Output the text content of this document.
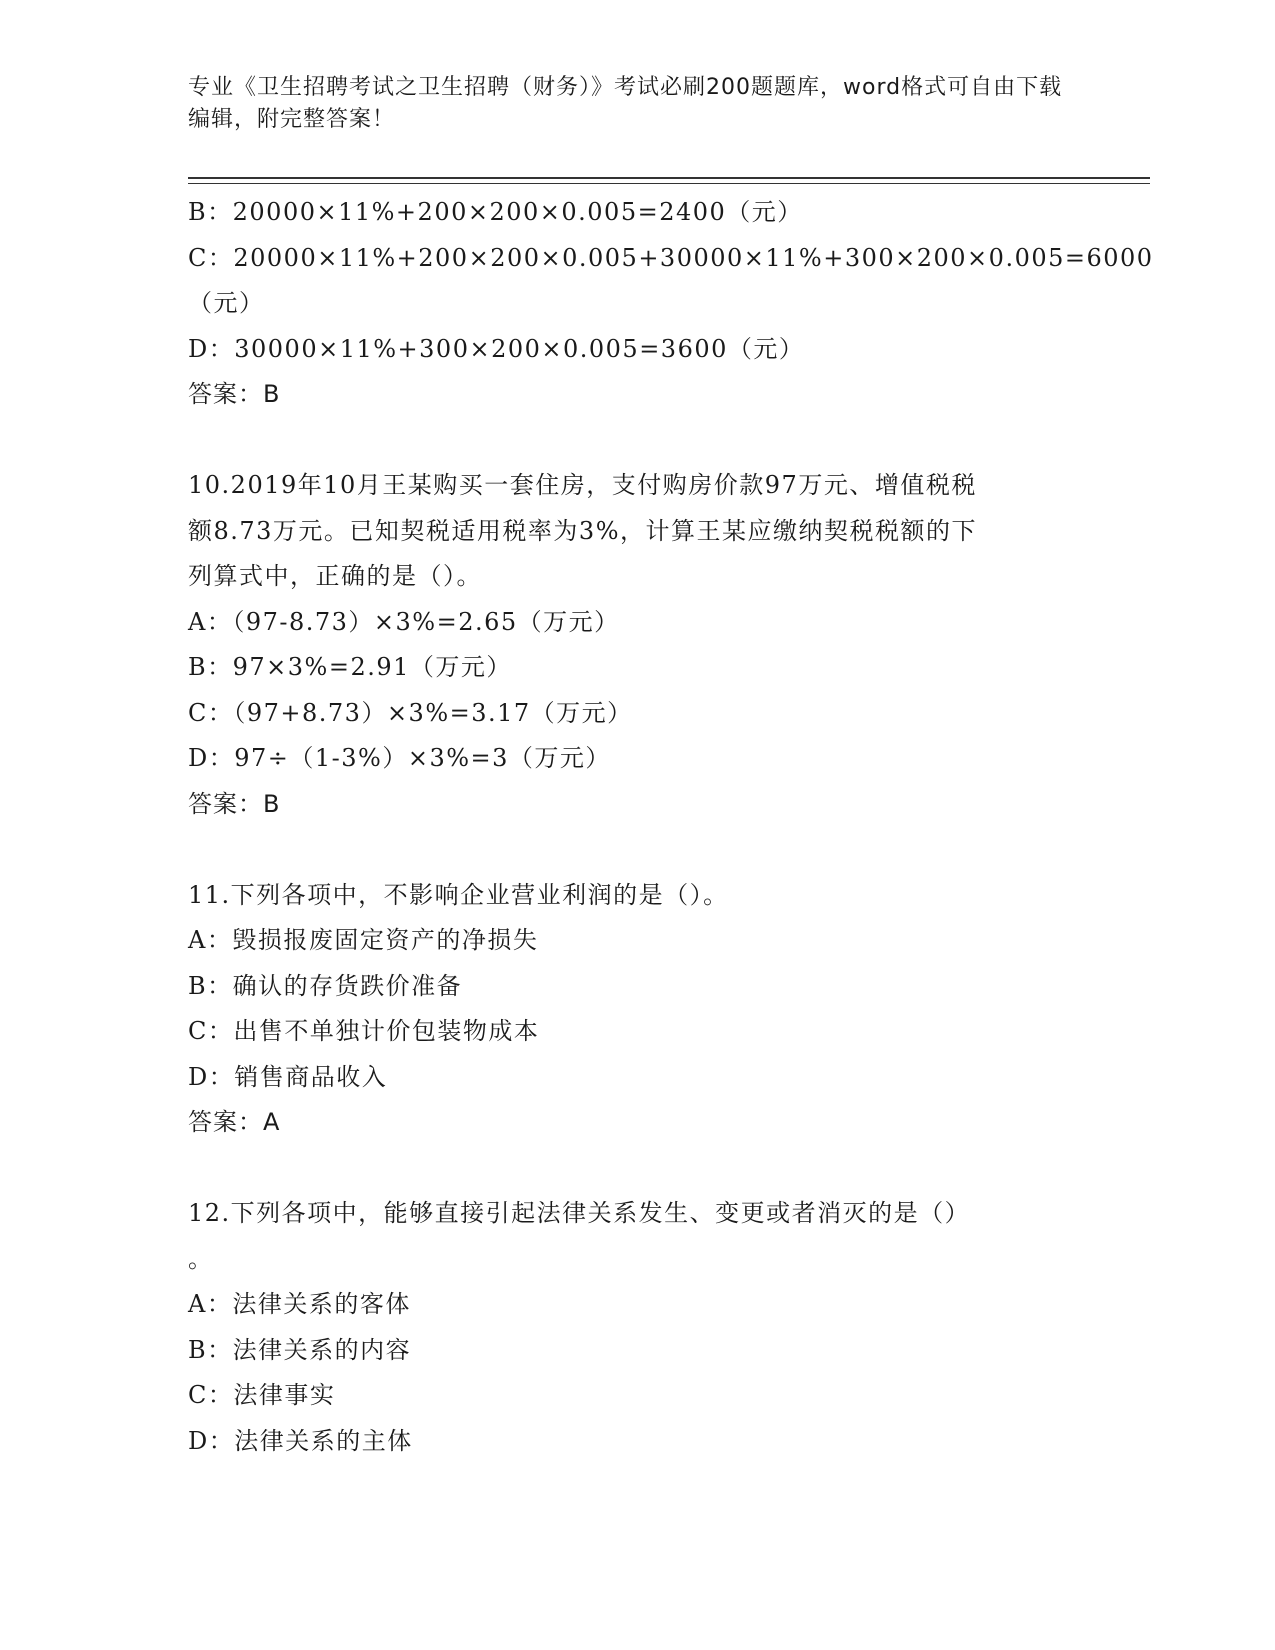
专业《卫生招聘考试之卫生招聘（财务）》考试必刷200题题库，word格式可自由下载编辑，附完整答案！
B：20000×11%+200×200×0.005=2400（元）
C：20000×11%+200×200×0.005+30000×11%+300×200×0.005=6000
（元）
D：30000×11%+300×200×0.005=3600（元）
答案：B
10.2019年10月王某购买一套住房，支付购房价款97万元、增值税税
额8.73万元。已知契税适用税率为3%，计算王某应缴纳契税税额的下
列算式中，正确的是（）。
A：（97-8.73）×3%=2.65（万元）
B：97×3%=2.91（万元）
C：（97+8.73）×3%=3.17（万元）
D：97÷（1-3%）×3%=3（万元）
答案：B
11.下列各项中，不影响企业营业利润的是（）。
A：毁损报废固定资产的净损失
B：确认的存货跌价准备
C：出售不单独计价包装物成本
D：销售商品收入
答案：A
12.下列各项中，能够直接引起法律关系发生、变更或者消灭的是（）
。
A：法律关系的客体
B：法律关系的内容
C：法律事实
D：法律关系的主体
